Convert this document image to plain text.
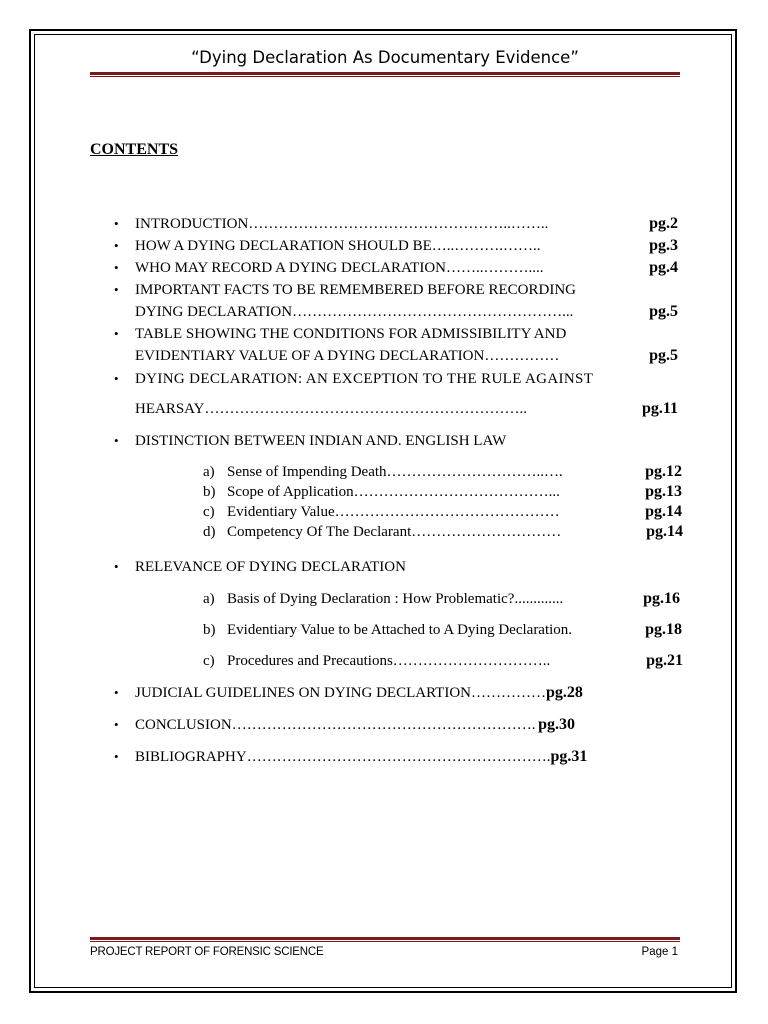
“Dying Declaration As Documentary Evidence”
CONTENTS
• INTRODUCTION ……………………………………………..……..	pg.2
• HOW A DYING DECLARATION SHOULD BE…..……….……..	pg.3
• WHO MAY RECORD A DYING DECLARATION……..………....	pg.4
• IMPORTANT FACTS TO BE REMEMBERED BEFORE RECORDING
DYING DECLARATION ………………………………………………...	pg.5
• TABLE SHOWING THE CONDITIONS FOR ADMISSIBILITY AND
EVIDENTIARY VALUE OF A DYING DECLARATION ……………	pg.5
• DYING DECLARATION: AN EXCEPTION TO THE RULE AGAINST
HEARSAY ………………………………………………………..	pg.11
• DISTINCTION BETWEEN INDIAN AND. ENGLISH LAW
a) Sense of Impending Death …………………………..….	pg.12
b) Scope of Application …………………………………...	pg.13
c) Evidentiary Value ………………………………………	pg.14
d) Competency Of The Declarant …………………………	pg.14
• RELEVANCE OF DYING DECLARATION
a) Basis of Dying Declaration : How Problematic? .............	pg.16
b) Evidentiary Value to be Attached to A Dying Declaration.	pg.18
c) Procedures and Precautions …………………………..	pg.21
• JUDICIAL GUIDELINES ON DYING DECLARTION …………… pg.28
• CONCLUSION ……………………………………………………. pg.30
• BIBLIOGRAPHY ……………………………………………………. pg.31
PROJECT REPORT OF FORENSIC SCIENCE	Page 1
